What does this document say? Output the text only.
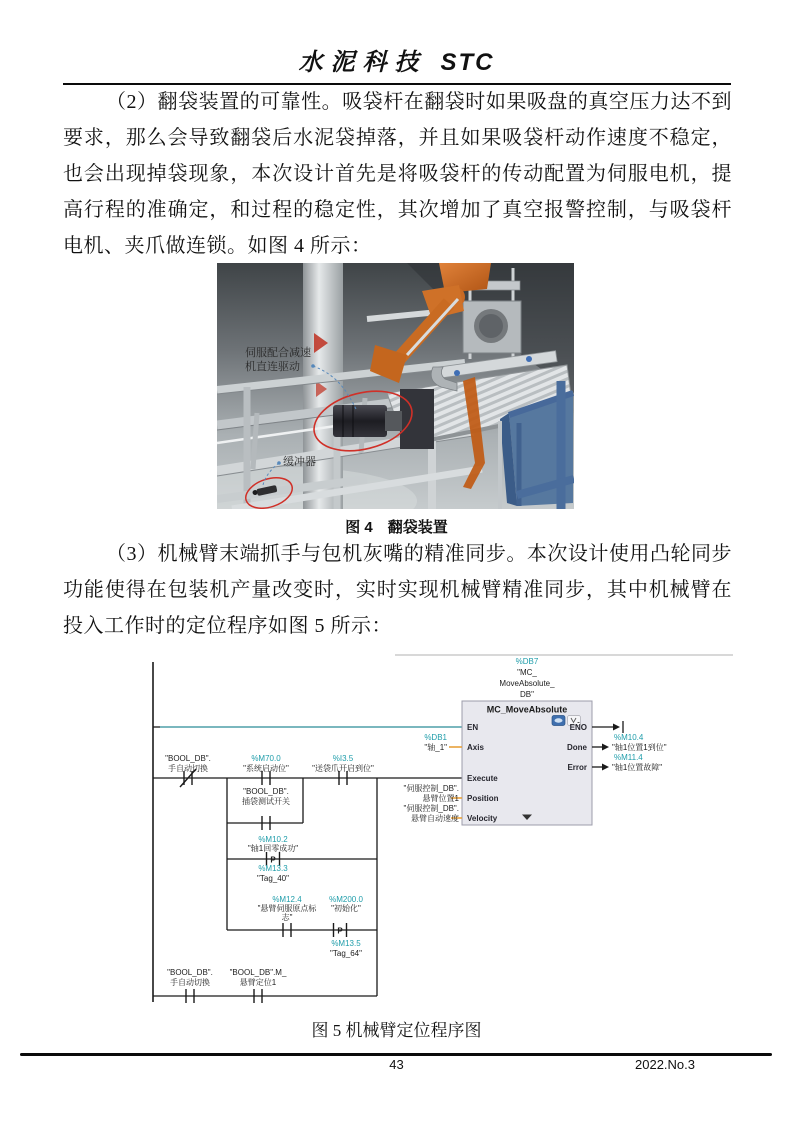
水泥科技 STC
（2）翻袋装置的可靠性。吸袋杆在翻袋时如果吸盘的真空压力达不到要求，那么会导致翻袋后水泥袋掉落，并且如果吸袋杆动作速度不稳定，也会出现掉袋现象，本次设计首先是将吸袋杆的传动配置为伺服电机，提高行程的准确定，和过程的稳定性，其次增加了真空报警控制，与吸袋杆电机、夹爪做连锁。如图 4 所示：
伺服配合减速
机直连驱动
缓冲器
图 4　翻袋装置
（3）机械臂末端抓手与包机灰嘴的精准同步。本次设计使用凸轮同步功能使得在包装机产量改变时，实时实现机械臂精准同步，其中机械臂在投入工作时的定位程序如图 5 所示：
P
P
"BOOL_DB".
手自动切换
%M70.0
"系统启动位"
%I3.5
"送袋爪开启到位"
"BOOL_DB".
插袋测试开关
%M10.2
"轴1回零成功"
%M13.3
"Tag_40"
%M12.4
"悬臂伺服原点标
志"
%M200.0
"初始化"
%M13.5
"Tag_64"
"BOOL_DB".
手自动切换
"BOOL_DB".M_
悬臂定位1
%DB7
"MC_
MoveAbsolute_
DB"
MC_MoveAbsolute
EN
Axis
Execute
Position
Velocity
ENO
Done
Error
%DB1
"轴_1"
"伺服控制_DB".
悬臂位置1
"伺服控制_DB".
悬臂自动速度
%M10.4
"轴1位置1到位"
%M11.4
"轴1位置故障"
图 5 机械臂定位程序图
43	2022.No.3
